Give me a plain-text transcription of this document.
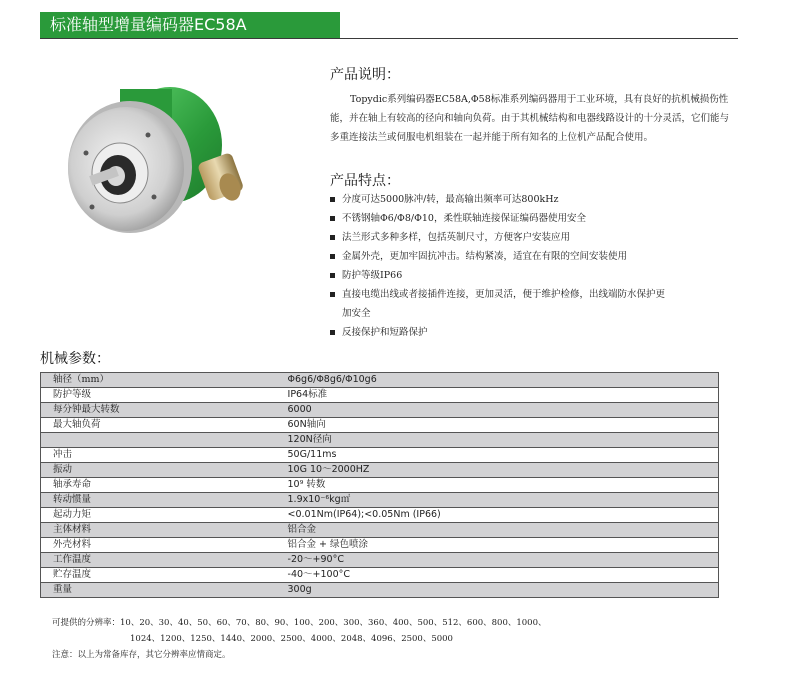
标准轴型增量编码器EC58A
产品说明：
Topydic系列编码器EC58A,Φ58标准系列编码器用于工业环境，具有良好的抗机械损伤性能，并在轴上有较高的径向和轴向负荷。由于其机械结构和电器线路设计的十分灵活，它们能与多重连接法兰或伺服电机组装在一起并能于所有知名的上位机产品配合使用。
产品特点：
分度可达5000脉冲/转，最高输出频率可达800kHz
不锈钢轴Φ6/Φ8/Φ10，柔性联轴连接保证编码器使用安全
法兰形式多种多样，包括英制尺寸，方便客户安装应用
金属外壳，更加牢固抗冲击。结构紧凑，适宜在有限的空间安装使用
防护等级IP66
直接电缆出线或者接插件连接，更加灵活，便于维护检修，出线端防水保护更加安全
反接保护和短路保护
机械参数：
轴径（mm）	Φ6g6/Φ8g6/Φ10g6
防护等级	IP64标准
每分钟最大转数	6000
最大轴负荷	60N轴向
	120N径向
冲击	50G/11ms
振动	10G 10～2000HZ
轴承寿命	10⁹ 转数
转动惯量	1.9x10⁻⁶kg㎡
起动力矩	<0.01Nm(IP64);<0.05Nm (IP66)
主体材料	铝合金
外壳材料	铝合金 + 绿色喷涂
工作温度	-20～+90°C
贮存温度	-40～+100°C
重量	300g
可提供的分辨率：10、20、30、40、50、60、70、80、90、100、200、300、360、400、500、512、600、800、1000、
1024、1200、1250、1440、2000、2500、4000、2048、4096、2500、5000
注意：以上为常备库存，其它分辨率应情商定。
